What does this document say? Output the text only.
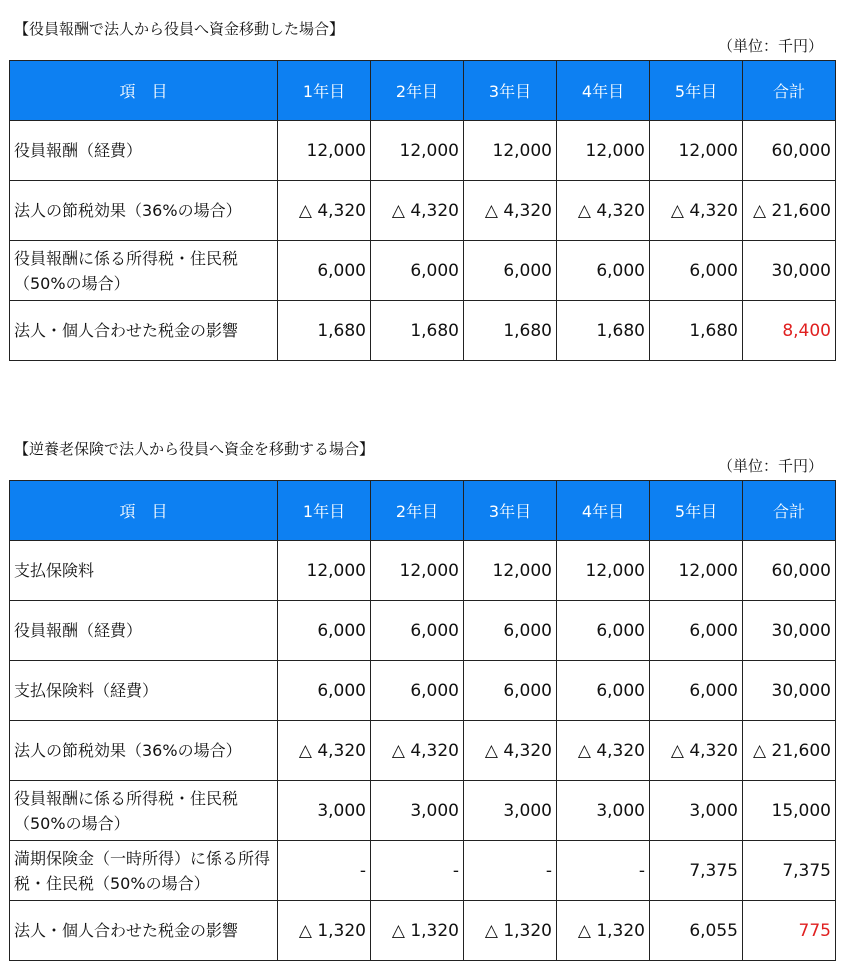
【役員報酬で法人から役員へ資金移動した場合】
（単位：千円）
項　目	1年目	2年目	3年目	4年目	5年目	合計
役員報酬（経費）	12,000	12,000	12,000	12,000	12,000	60,000
法人の節税効果（36%の場合）	△ 4,320	△ 4,320	△ 4,320	△ 4,320	△ 4,320	△ 21,600
役員報酬に係る所得税・住民税（50%の場合）	6,000	6,000	6,000	6,000	6,000	30,000
法人・個人合わせた税金の影響	1,680	1,680	1,680	1,680	1,680	8,400
【逆養老保険で法人から役員へ資金を移動する場合】
（単位：千円）
項　目	1年目	2年目	3年目	4年目	5年目	合計
支払保険料	12,000	12,000	12,000	12,000	12,000	60,000
役員報酬（経費）	6,000	6,000	6,000	6,000	6,000	30,000
支払保険料（経費）	6,000	6,000	6,000	6,000	6,000	30,000
法人の節税効果（36%の場合）	△ 4,320	△ 4,320	△ 4,320	△ 4,320	△ 4,320	△ 21,600
役員報酬に係る所得税・住民税（50%の場合）	3,000	3,000	3,000	3,000	3,000	15,000
満期保険金（一時所得）に係る所得税・住民税（50%の場合）	-	-	-	-	7,375	7,375
法人・個人合わせた税金の影響	△ 1,320	△ 1,320	△ 1,320	△ 1,320	6,055	775
